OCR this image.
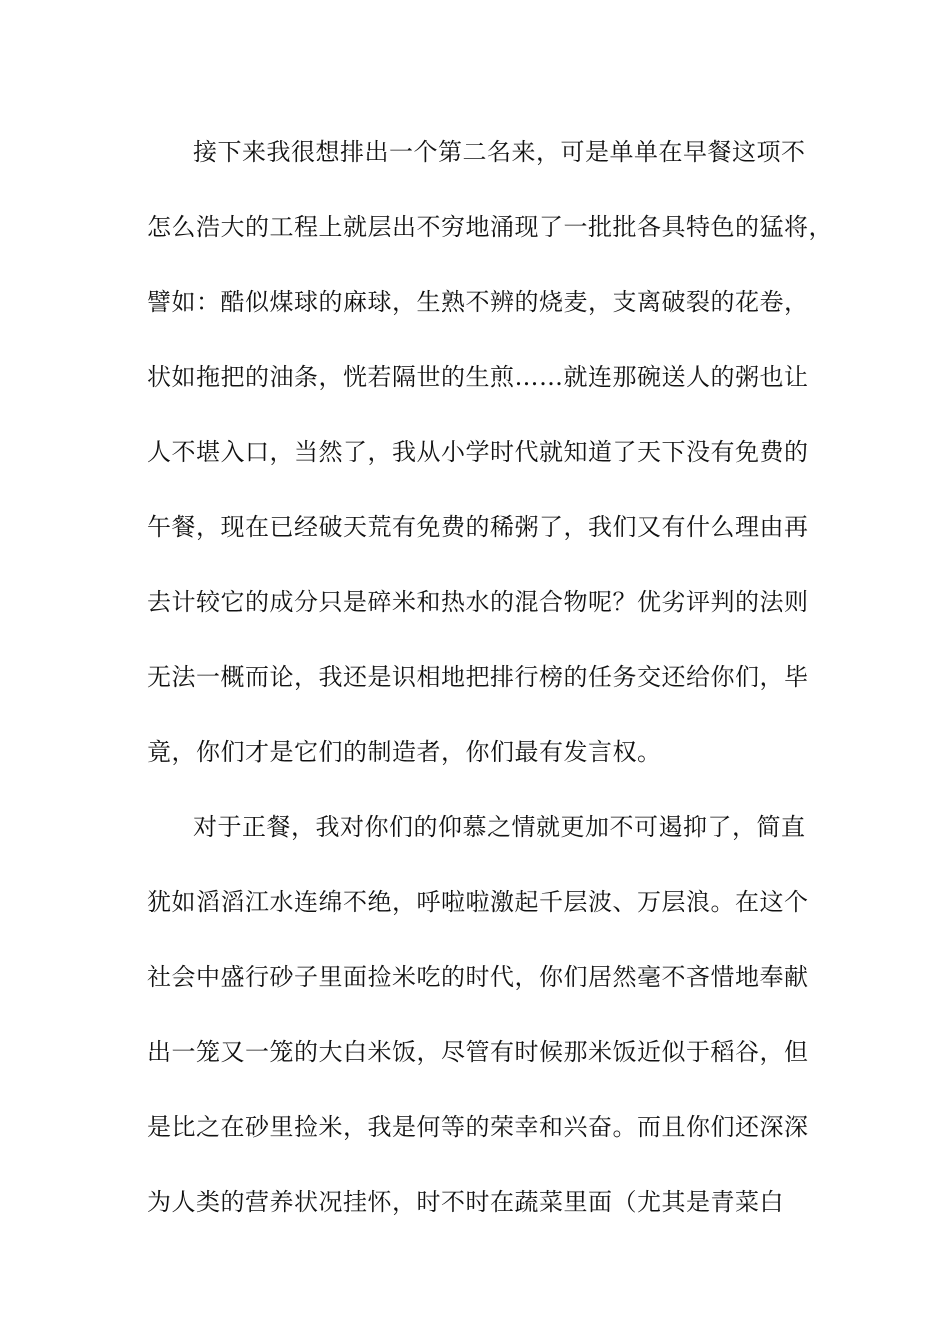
接下来我很想排出一个第二名来，可是单单在早餐这项不
怎么浩大的工程上就层出不穷地涌现了一批批各具特色的猛将，
譬如：酷似煤球的麻球，生熟不辨的烧麦，支离破裂的花卷，
状如拖把的油条，恍若隔世的生煎……就连那碗送人的粥也让
人不堪入口，当然了，我从小学时代就知道了天下没有免费的
午餐，现在已经破天荒有免费的稀粥了，我们又有什么理由再
去计较它的成分只是碎米和热水的混合物呢？优劣评判的法则
无法一概而论，我还是识相地把排行榜的任务交还给你们，毕
竟，你们才是它们的制造者，你们最有发言权。
对于正餐，我对你们的仰慕之情就更加不可遏抑了，简直
犹如滔滔江水连绵不绝，呼啦啦激起千层波、万层浪。在这个
社会中盛行砂子里面捡米吃的时代，你们居然毫不吝惜地奉献
出一笼又一笼的大白米饭，尽管有时候那米饭近似于稻谷，但
是比之在砂里捡米，我是何等的荣幸和兴奋。而且你们还深深
为人类的营养状况挂怀，时不时在蔬菜里面（尤其是青菜白
